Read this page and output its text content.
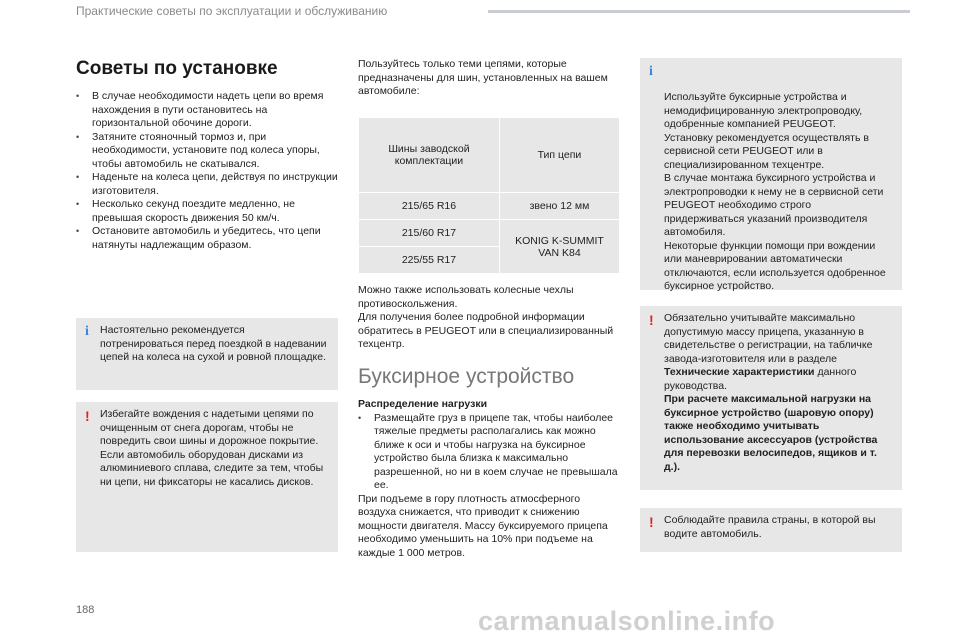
Практические советы по эксплуатации и обслуживанию
Советы по установке
• В случае необходимости надеть цепи во время нахождения в пути остановитесь на горизонтальной обочине дороги.
• Затяните стояночный тормоз и, при необходимости, установите под колеса упоры, чтобы автомобиль не скатывался.
• Наденьте на колеса цепи, действуя по инструкции изготовителя.
• Несколько секунд поездите медленно, не превышая скорость движения 50 км/ч.
• Остановите автомобиль и убедитесь, что цепи натянуты надлежащим образом.
i Настоятельно рекомендуется потренироваться перед поездкой в надевании цепей на колеса на сухой и ровной площадке.

! Избегайте вождения с надетыми цепями по очищенным от снега дорогам, чтобы не повредить свои шины и дорожное покрытие. Если автомобиль оборудован дисками из алюминиевого сплава, следите за тем, чтобы ни цепи, ни фиксаторы не касались дисков.

Пользуйтесь только теми цепями, которые предназначены для шин, установленных на вашем автомобиле:
Шины заводской комплектации	Тип цепи
215/65 R16	звено 12 мм
215/60 R17	KONIG K-SUMMIT VAN K84
225/55 R17	
Можно также использовать колесные чехлы противоскольжения.
Для получения более подробной информации обратитесь в PEUGEOT или в специализированный техцентр.
Буксирное устройство
Распределение нагрузки
• Размещайте груз в прицепе так, чтобы наиболее тяжелые предметы располагались как можно ближе к оси и чтобы нагрузка на буксирное устройство была близка к максимально разрешенной, но ни в коем случае не превышала ее.
При подъеме в гору плотность атмосферного воздуха снижается, что приводит к снижению мощности двигателя. Массу буксируемого прицепа необходимо уменьшить на 10% при подъеме на каждые 1 000 метров.

i

Используйте буксирные устройства и немодифицированную электропроводку, одобренные компанией PEUGEOT.
Установку рекомендуется осуществлять в сервисной сети PEUGEOT или в специализированном техцентре.
В случае монтажа буксирного устройства и электропроводки к нему не в сервисной сети PEUGEOT необходимо строго придерживаться указаний производителя автомобиля.
Некоторые функции помощи при вождении или маневрировании автоматически отключаются, если используется одобренное буксирное устройство.

! Обязательно учитывайте максимально допустимую массу прицепа, указанную в свидетельстве о регистрации, на табличке завода-изготовителя или в разделе Технические характеристики данного руководства.
При расчете максимальной нагрузки на буксирное устройство (шаровую опору) также необходимо учитывать использование аксессуаров (устройства для перевозки велосипедов, ящиков и т. д.).

! Соблюдайте правила страны, в которой вы водите автомобиль.

188	carmanualsonline.info
